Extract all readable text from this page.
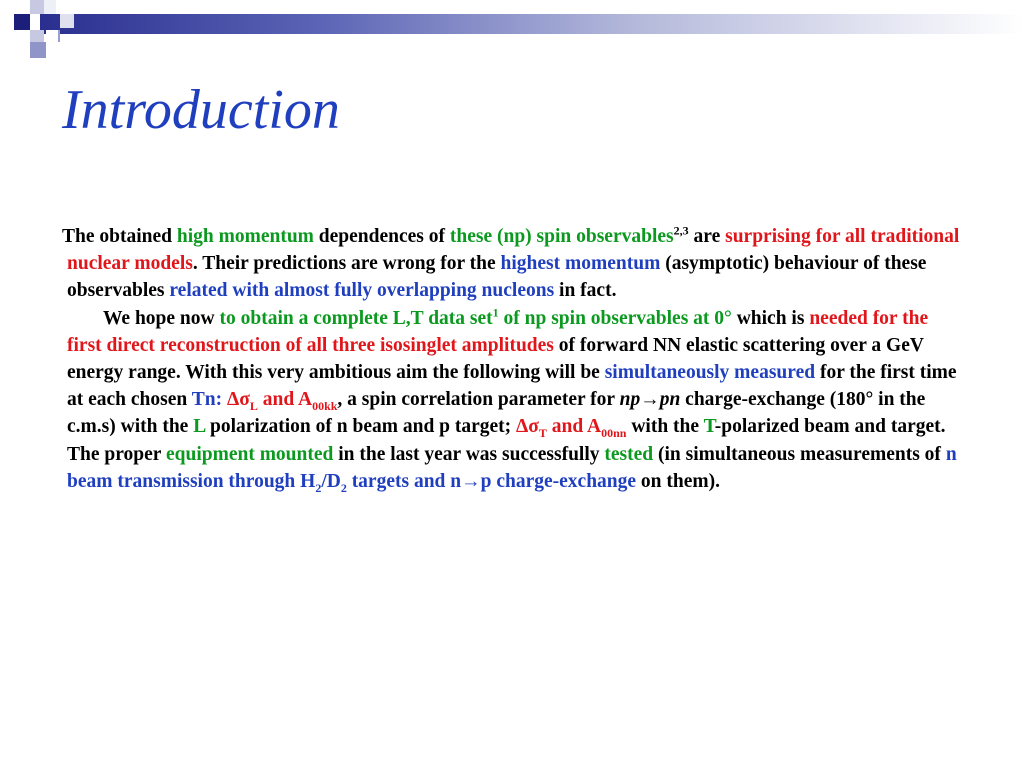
Introduction

The obtained high momentum dependences of these (np) spin observables$^{2,3}$ are surprising for all traditional nuclear models. Their predictions are wrong for the highest momentum (asymptotic) behaviour of these observables related with almost fully overlapping nucleons in fact.

We hope now to obtain a complete L,T data set$^1$ of np spin observables at 0° which is needed for the first direct reconstruction of all three isosinglet amplitudes of forward NN elastic scattering over a GeV energy range. With this very ambitious aim the following will be simultaneously measured for the first time at each chosen Tn: $\Delta\sigma_L$ and $A_{00kk}$, a spin correlation parameter for np→pn charge-exchange (180° in the c.m.s) with the L polarization of n beam and p target; $\Delta\sigma_T$ and $A_{00nn}$ with the T-polarized beam and target. The proper equipment mounted in the last year was successfully tested (in simultaneous measurements of n beam transmission through $H_2/D_2$ targets and n→p charge-exchange on them).
